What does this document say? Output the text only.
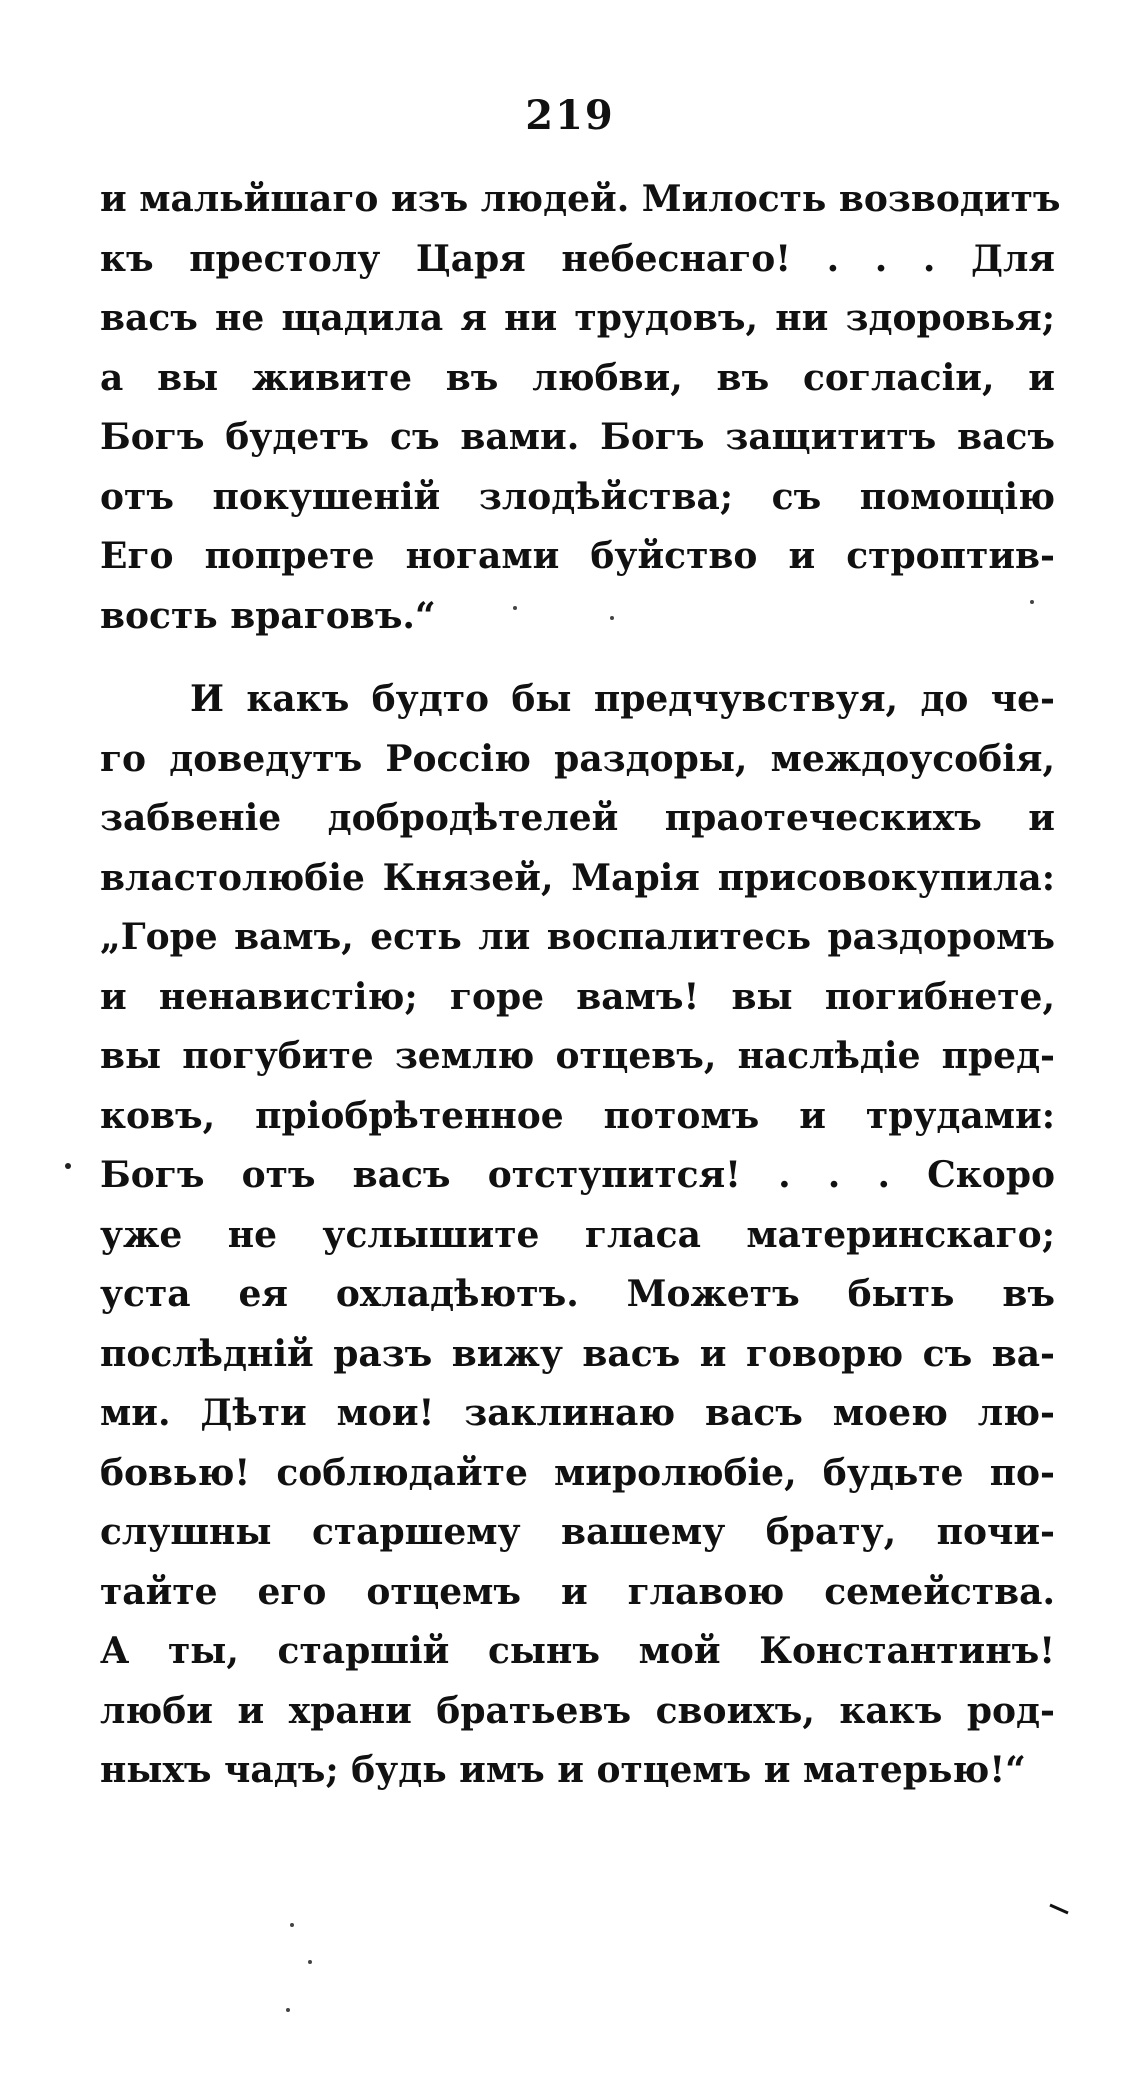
219
и мальйшаго изъ людей. Милость возводитъ
къ престолу Царя небеснаго! . . . Для
васъ не щадила я ни трудовъ, ни здоровья;
а вы живите въ любви, въ согласіи, и
Богъ будетъ съ вами. Богъ защититъ васъ
отъ покушеній злодѣйства; съ помощію
Его попрете ногами буйство и строптив-
вость враговъ.“
И какъ будто бы предчувствуя, до че-
го доведутъ Россію раздоры, междоусобія,
забвеніе добродѣтелей праотеческихъ и
властолюбіе Князей, Марія присовокупила:
„Горе вамъ, есть ли воспалитесь раздоромъ
и ненавистію; горе вамъ! вы погибнете,
вы погубите землю отцевъ, наслѣдіе пред-
ковъ, пріобрѣтенное потомъ и трудами:
Богъ отъ васъ отступится! . . . Скоро
уже не услышите гласа материнскаго;
уста ея охладѣютъ. Можетъ быть въ
послѣдній разъ вижу васъ и говорю съ ва-
ми. Дѣти мои! заклинаю васъ моею лю-
бовью! соблюдайте миролюбіе, будьте по-
слушны старшему вашему брату, почи-
тайте его отцемъ и главою семейства.
А ты, старшій сынъ мой Константинъ!
люби и храни братьевъ своихъ, какъ род-
ныхъ чадъ; будь имъ и отцемъ и матерью!“
